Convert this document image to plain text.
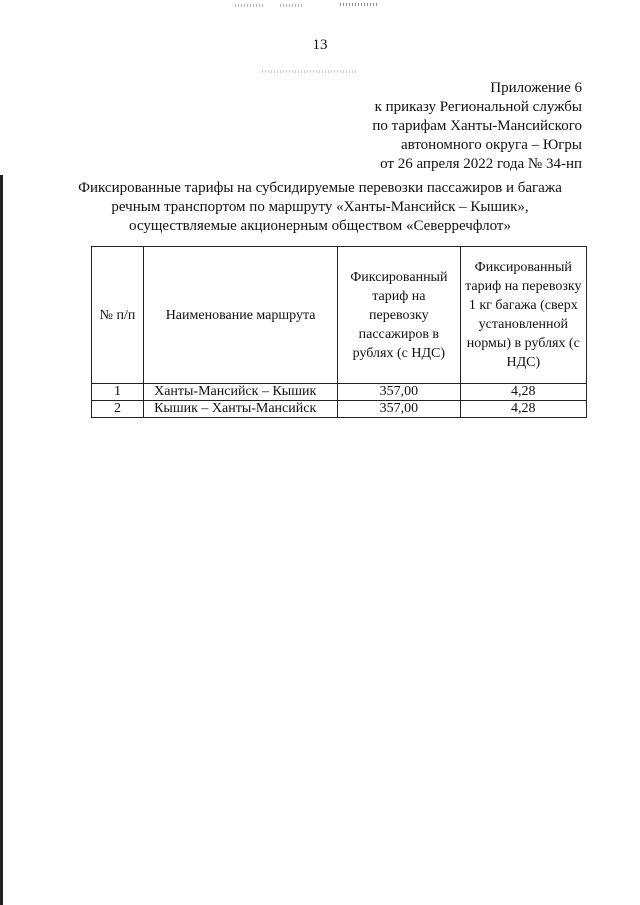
13
Приложение 6
к приказу Региональной службы
по тарифам Ханты-Мансийского
автономного округа – Югры
от 26 апреля 2022 года № 34-нп
Фиксированные тарифы на субсидируемые перевозки пассажиров и багажа
речным транспортом по маршруту «Ханты-Мансийск – Кышик»,
осуществляемые акционерным обществом «Северречфлот»
№ п/п	Наименование маршрута	Фиксированный тариф на перевозку пассажиров в рублях (с НДС)	Фиксированный тариф на перевозку 1 кг багажа (сверх установленной нормы) в рублях (с НДС)
1	Ханты-Мансийск – Кышик	357,00	4,28
2	Кышик – Ханты-Мансийск	357,00	4,28
